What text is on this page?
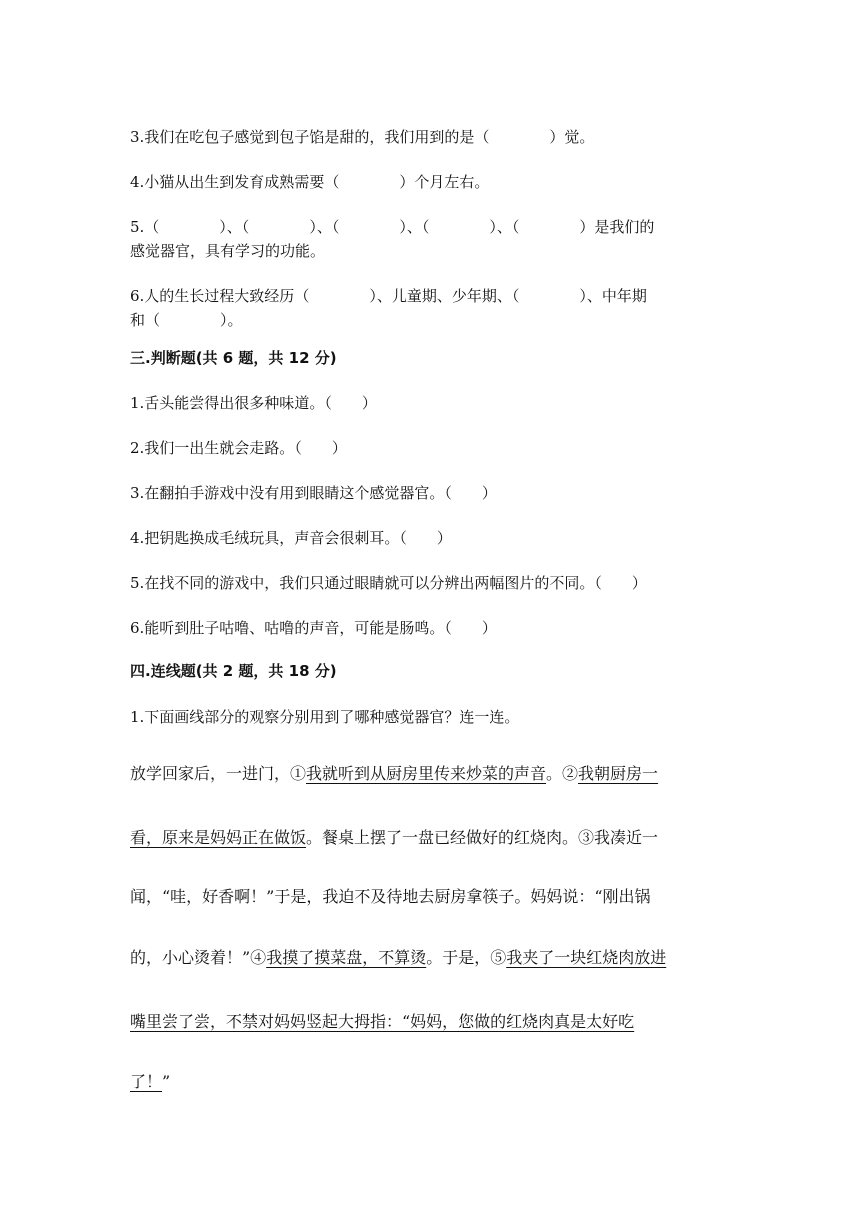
3.我们在吃包子感觉到包子馅是甜的，我们用到的是（　　　　）觉。
4.小猫从出生到发育成熟需要（　　　　）个月左右。
5.（　　　　）、（　　　　）、（　　　　）、（　　　　）、（　　　　）是我们的
感觉器官，具有学习的功能。
6.人的生长过程大致经历（　　　　）、儿童期、少年期、（　　　　）、中年期
和（　　　　）。
三.判断题(共 6 题，共 12 分)
1.舌头能尝得出很多种味道。（　　）
2.我们一出生就会走路。（　　）
3.在翻拍手游戏中没有用到眼睛这个感觉器官。（　　）
4.把钥匙换成毛绒玩具，声音会很刺耳。（　　）
5.在找不同的游戏中，我们只通过眼睛就可以分辨出两幅图片的不同。（　　）
6.能听到肚子咕噜、咕噜的声音，可能是肠鸣。（　　）
四.连线题(共 2 题，共 18 分)
1.下面画线部分的观察分别用到了哪种感觉器官？连一连。
放学回家后，一进门，①我就听到从厨房里传来炒菜的声音。②我朝厨房一
看，原来是妈妈正在做饭。餐桌上摆了一盘已经做好的红烧肉。③我凑近一
闻，“哇，好香啊！”于是，我迫不及待地去厨房拿筷子。妈妈说：“刚出锅
的，小心烫着！”④我摸了摸菜盘，不算烫。于是，⑤我夹了一块红烧肉放进
嘴里尝了尝，不禁对妈妈竖起大拇指：“妈妈，您做的红烧肉真是太好吃
了！”
